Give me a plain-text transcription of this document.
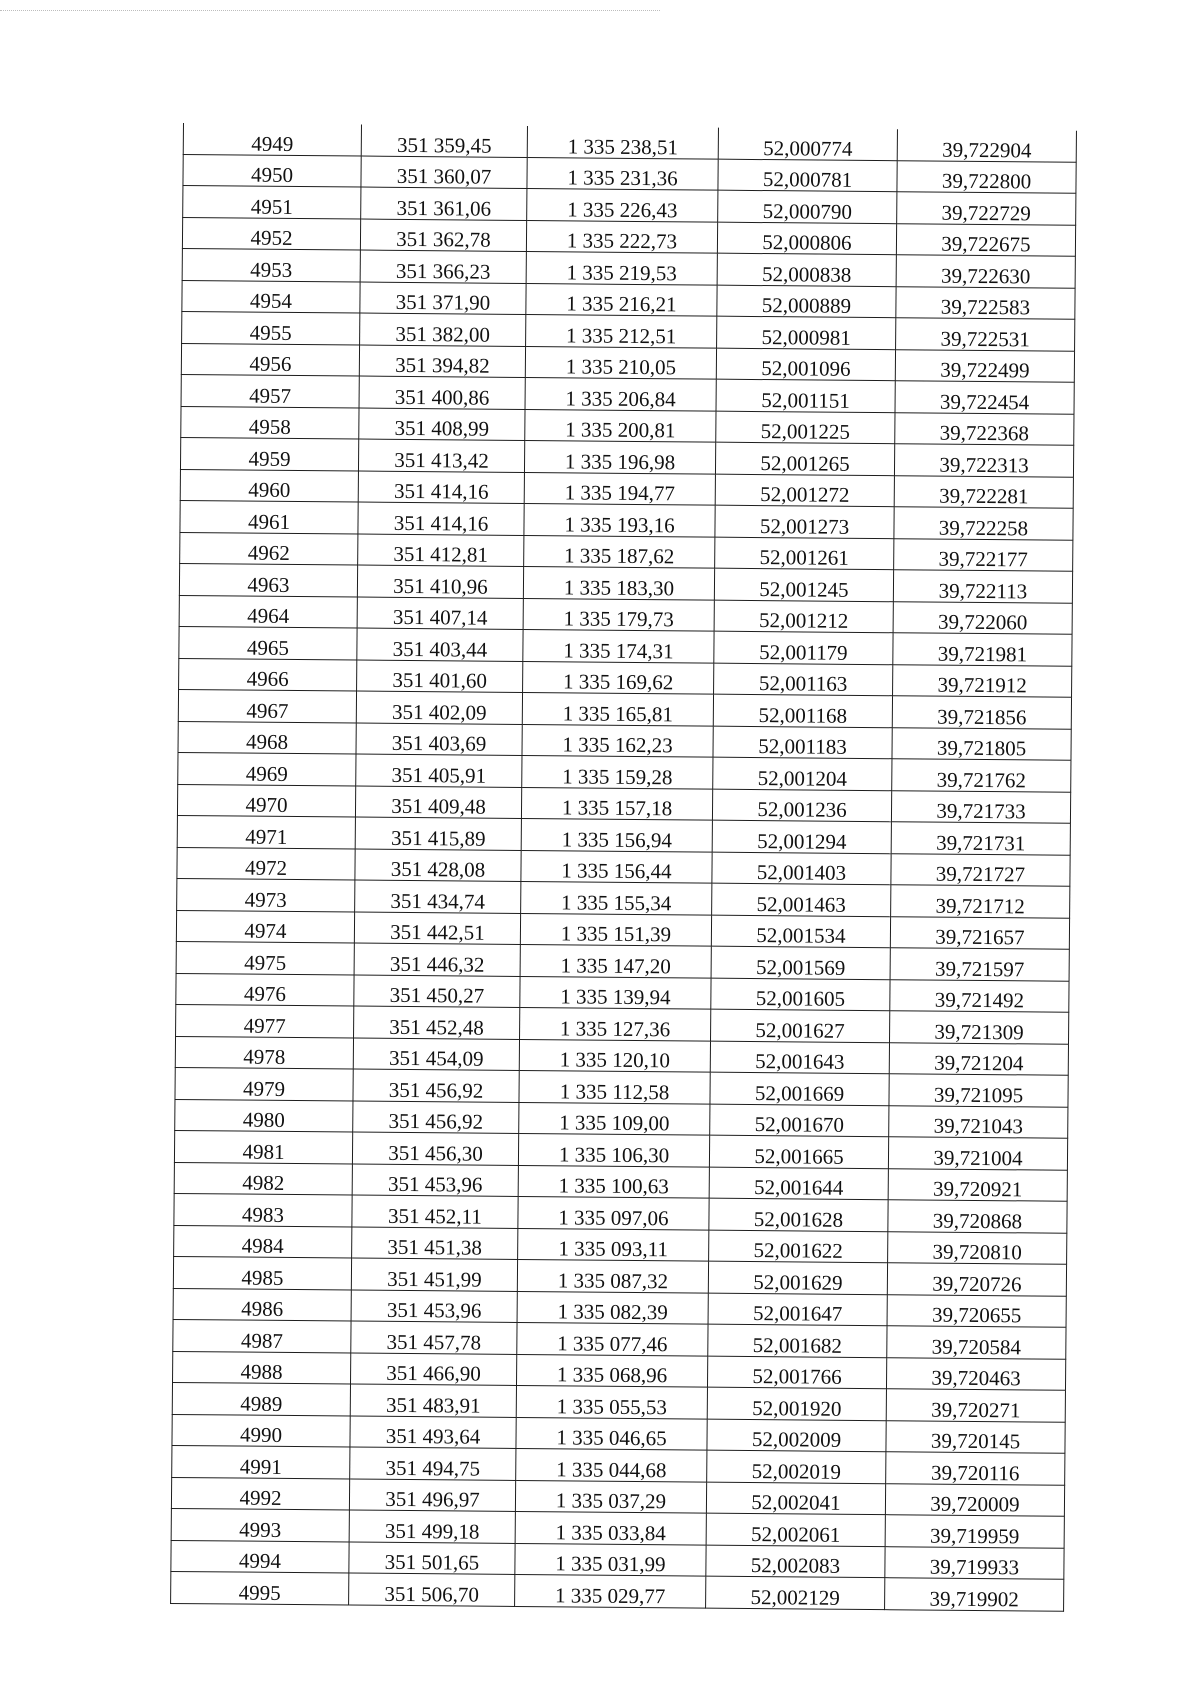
4949	351 359,45	1 335 238,51	52,000774	39,722904
4950	351 360,07	1 335 231,36	52,000781	39,722800
4951	351 361,06	1 335 226,43	52,000790	39,722729
4952	351 362,78	1 335 222,73	52,000806	39,722675
4953	351 366,23	1 335 219,53	52,000838	39,722630
4954	351 371,90	1 335 216,21	52,000889	39,722583
4955	351 382,00	1 335 212,51	52,000981	39,722531
4956	351 394,82	1 335 210,05	52,001096	39,722499
4957	351 400,86	1 335 206,84	52,001151	39,722454
4958	351 408,99	1 335 200,81	52,001225	39,722368
4959	351 413,42	1 335 196,98	52,001265	39,722313
4960	351 414,16	1 335 194,77	52,001272	39,722281
4961	351 414,16	1 335 193,16	52,001273	39,722258
4962	351 412,81	1 335 187,62	52,001261	39,722177
4963	351 410,96	1 335 183,30	52,001245	39,722113
4964	351 407,14	1 335 179,73	52,001212	39,722060
4965	351 403,44	1 335 174,31	52,001179	39,721981
4966	351 401,60	1 335 169,62	52,001163	39,721912
4967	351 402,09	1 335 165,81	52,001168	39,721856
4968	351 403,69	1 335 162,23	52,001183	39,721805
4969	351 405,91	1 335 159,28	52,001204	39,721762
4970	351 409,48	1 335 157,18	52,001236	39,721733
4971	351 415,89	1 335 156,94	52,001294	39,721731
4972	351 428,08	1 335 156,44	52,001403	39,721727
4973	351 434,74	1 335 155,34	52,001463	39,721712
4974	351 442,51	1 335 151,39	52,001534	39,721657
4975	351 446,32	1 335 147,20	52,001569	39,721597
4976	351 450,27	1 335 139,94	52,001605	39,721492
4977	351 452,48	1 335 127,36	52,001627	39,721309
4978	351 454,09	1 335 120,10	52,001643	39,721204
4979	351 456,92	1 335 112,58	52,001669	39,721095
4980	351 456,92	1 335 109,00	52,001670	39,721043
4981	351 456,30	1 335 106,30	52,001665	39,721004
4982	351 453,96	1 335 100,63	52,001644	39,720921
4983	351 452,11	1 335 097,06	52,001628	39,720868
4984	351 451,38	1 335 093,11	52,001622	39,720810
4985	351 451,99	1 335 087,32	52,001629	39,720726
4986	351 453,96	1 335 082,39	52,001647	39,720655
4987	351 457,78	1 335 077,46	52,001682	39,720584
4988	351 466,90	1 335 068,96	52,001766	39,720463
4989	351 483,91	1 335 055,53	52,001920	39,720271
4990	351 493,64	1 335 046,65	52,002009	39,720145
4991	351 494,75	1 335 044,68	52,002019	39,720116
4992	351 496,97	1 335 037,29	52,002041	39,720009
4993	351 499,18	1 335 033,84	52,002061	39,719959
4994	351 501,65	1 335 031,99	52,002083	39,719933
4995	351 506,70	1 335 029,77	52,002129	39,719902
